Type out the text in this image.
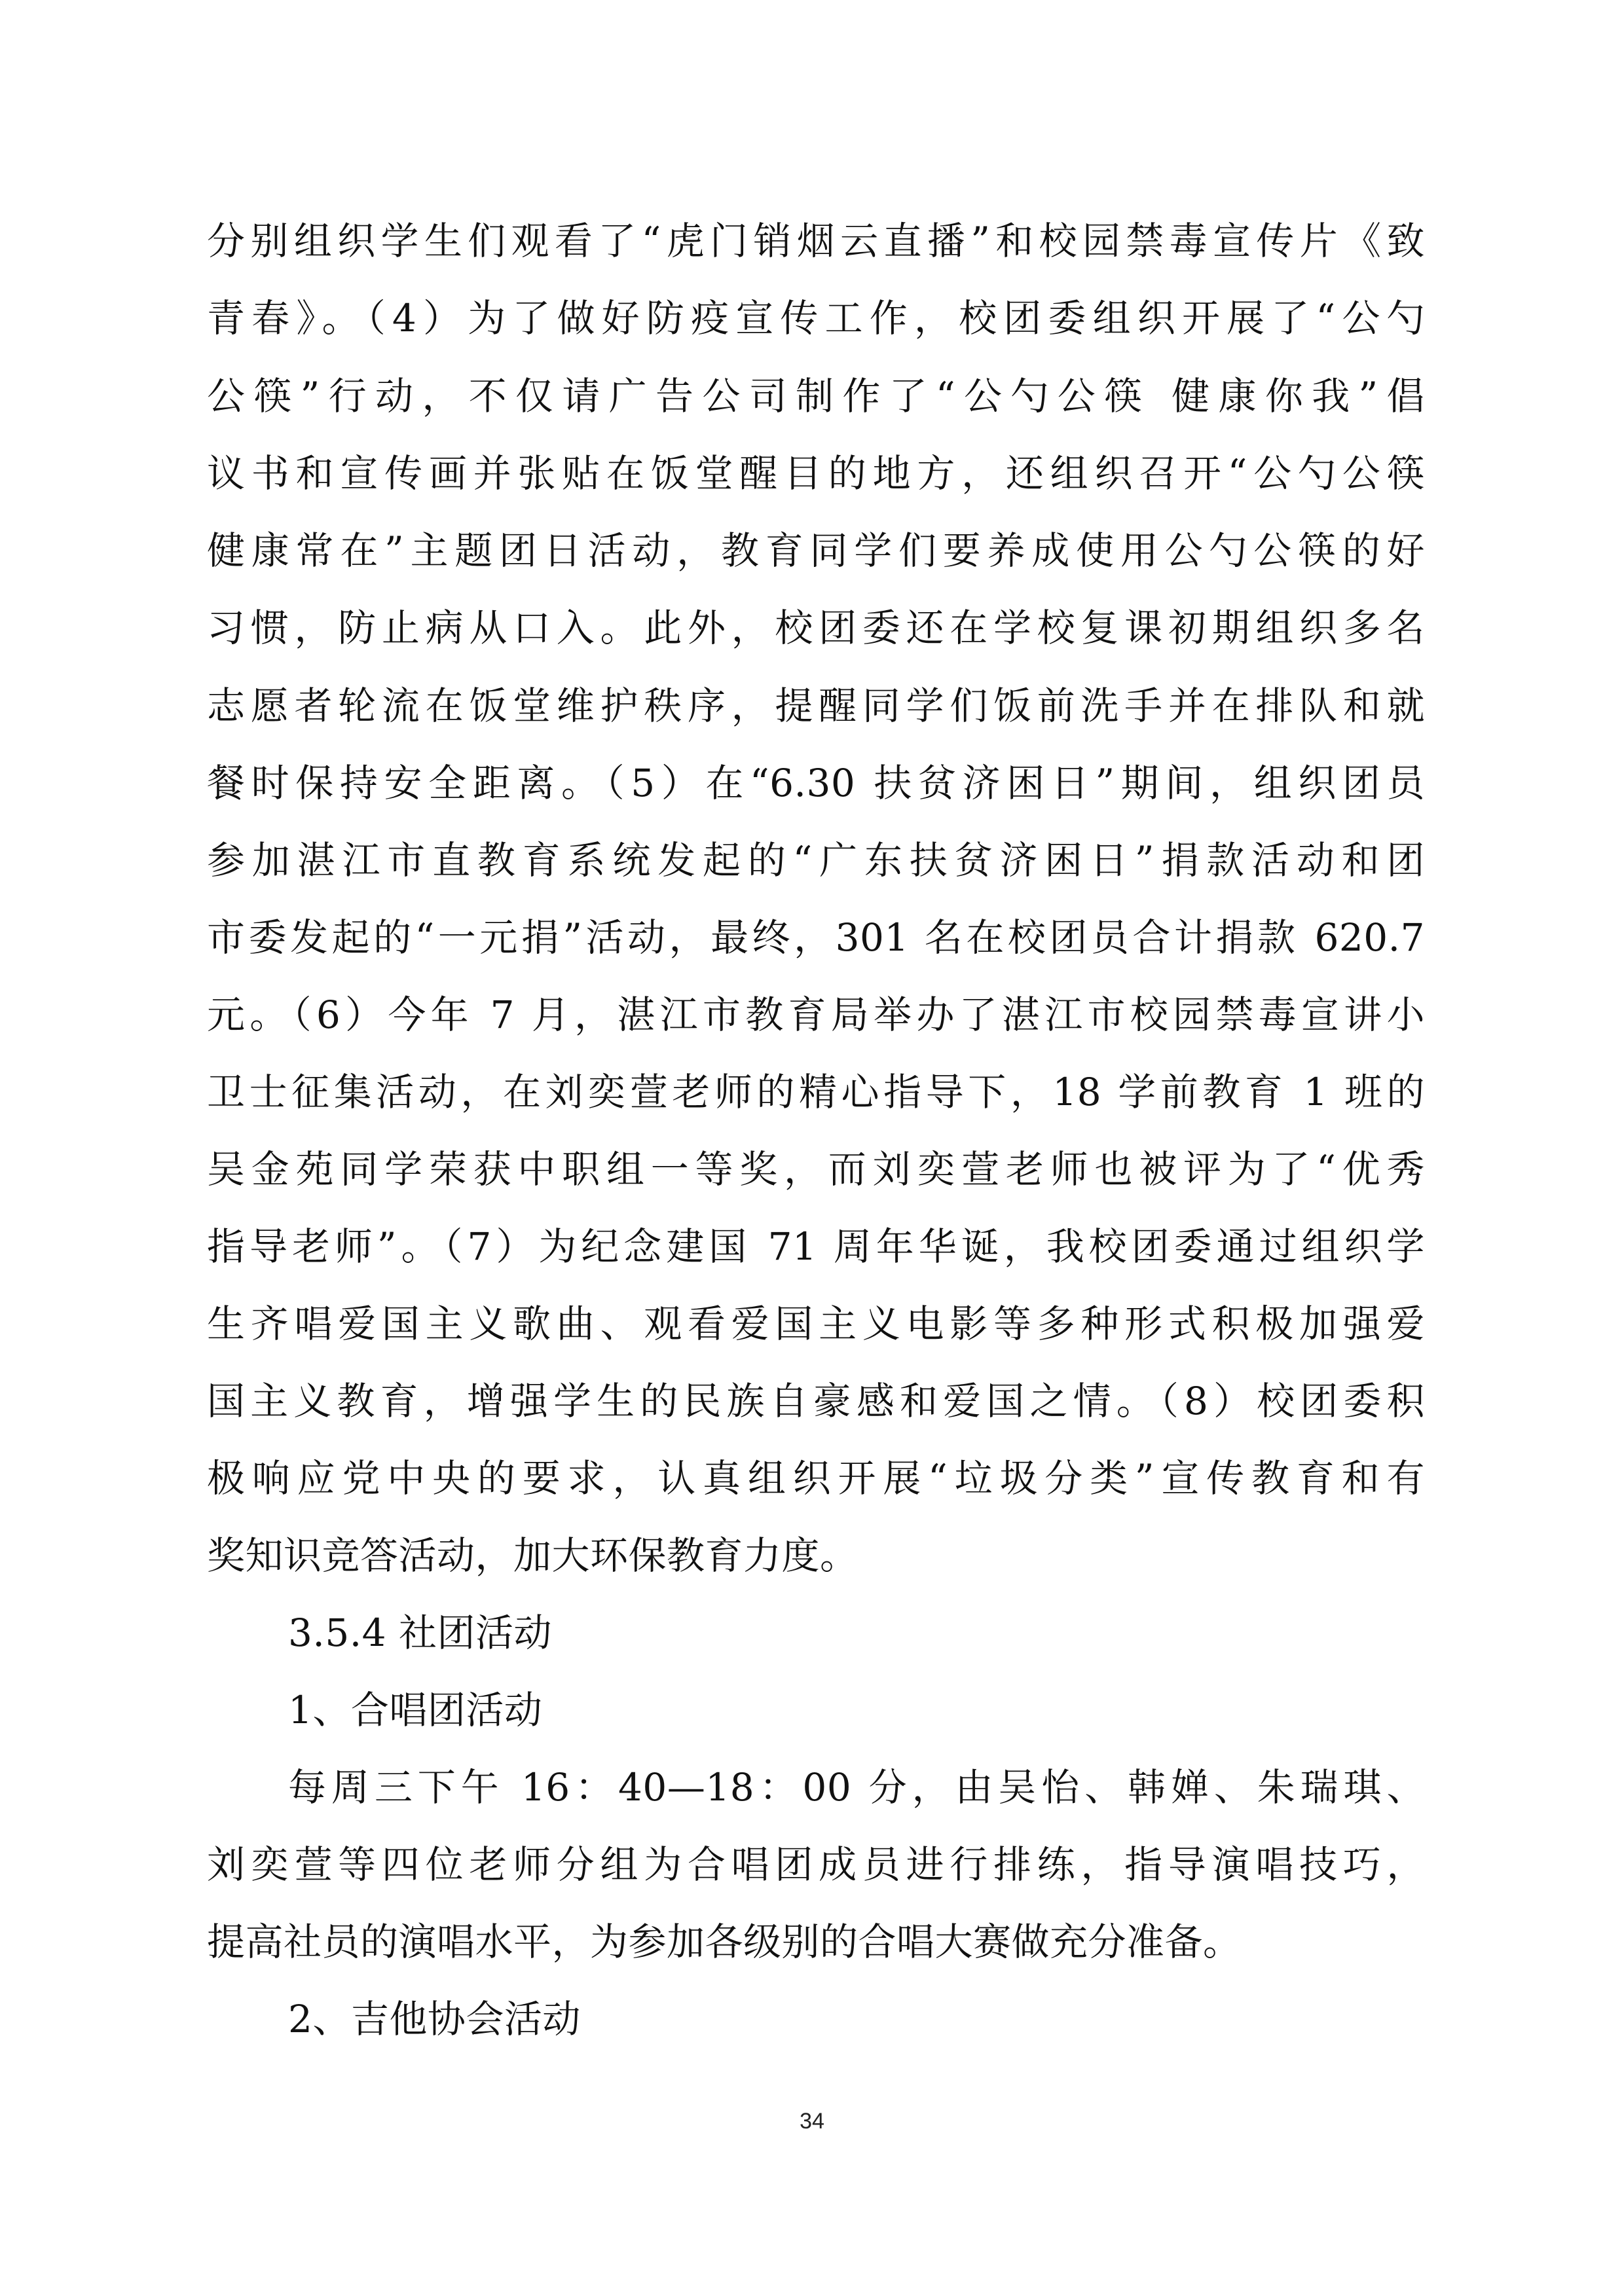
分别组织学生们观看了“虎门销烟云直播”和校园禁毒宣传片《致
青春》。（4）为了做好防疫宣传工作，校团委组织开展了“公勺
公筷”行动，不仅请广告公司制作了“公勺公筷 健康你我”倡
议书和宣传画并张贴在饭堂醒目的地方，还组织召开“公勺公筷
健康常在”主题团日活动，教育同学们要养成使用公勺公筷的好
习惯，防止病从口入。此外，校团委还在学校复课初期组织多名
志愿者轮流在饭堂维护秩序，提醒同学们饭前洗手并在排队和就
餐时保持安全距离。（5）在“6.30 扶贫济困日”期间，组织团员
参加湛江市直教育系统发起的“广东扶贫济困日”捐款活动和团
市委发起的“一元捐”活动，最终，301 名在校团员合计捐款 620.7
元。（6）今年 7 月，湛江市教育局举办了湛江市校园禁毒宣讲小
卫士征集活动，在刘奕萱老师的精心指导下，18 学前教育 1 班的
吴金苑同学荣获中职组一等奖，而刘奕萱老师也被评为了“优秀
指导老师”。（7）为纪念建国 71 周年华诞，我校团委通过组织学
生齐唱爱国主义歌曲、观看爱国主义电影等多种形式积极加强爱
国主义教育，增强学生的民族自豪感和爱国之情。（8）校团委积
极响应党中央的要求，认真组织开展“垃圾分类”宣传教育和有
奖知识竞答活动，加大环保教育力度。
3.5.4 社团活动
1、合唱团活动
每周三下午 16：40—18：00 分，由吴怡、韩婵、朱瑞琪、
刘奕萱等四位老师分组为合唱团成员进行排练，指导演唱技巧，
提高社员的演唱水平，为参加各级别的合唱大赛做充分准备。
2、吉他协会活动
34
